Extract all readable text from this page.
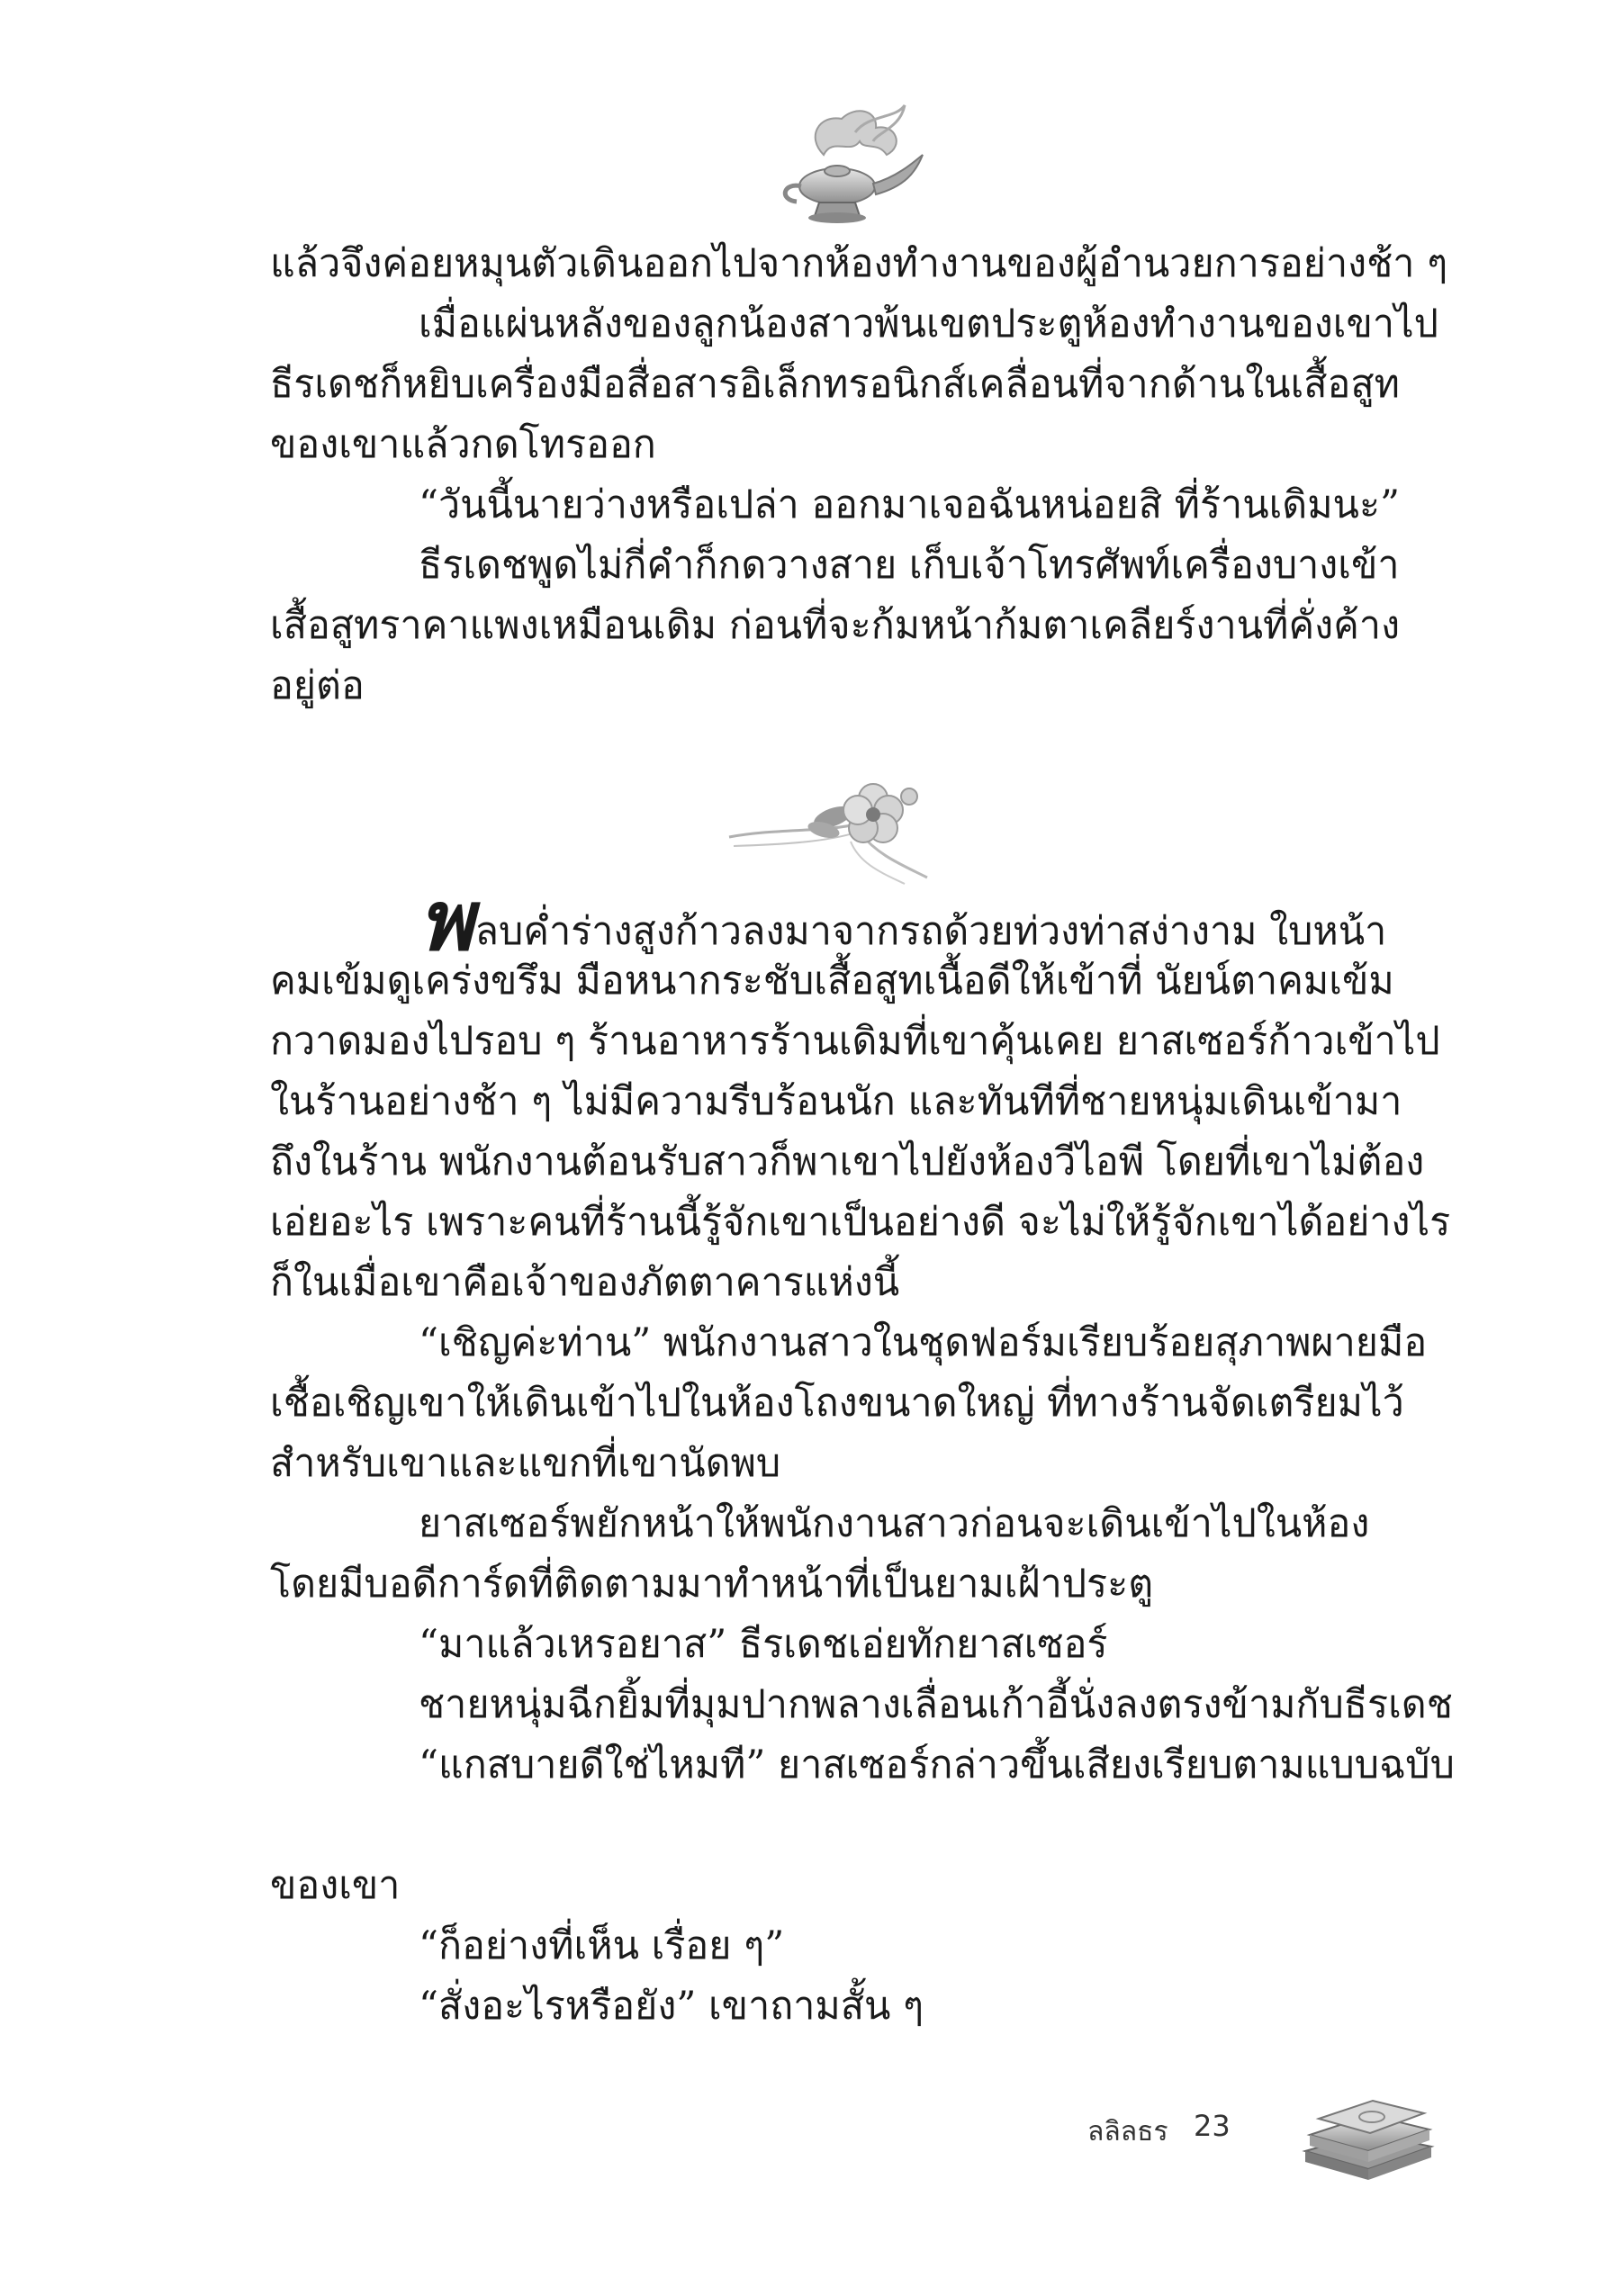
แล้วจึงค่อยหมุนตัวเดินออกไปจากห้องทำงานของผู้อำนวยการอย่างช้า ๆ
เมื่อแผ่นหลังของลูกน้องสาวพ้นเขตประตูห้องทำงานของเขาไป
ธีรเดชก็หยิบเครื่องมือสื่อสารอิเล็กทรอนิกส์เคลื่อนที่จากด้านในเสื้อสูท
ของเขาแล้วกดโทรออก
“วันนี้นายว่างหรือเปล่า ออกมาเจอฉันหน่อยสิ ที่ร้านเดิมนะ”
ธีรเดชพูดไม่กี่คำก็กดวางสาย เก็บเจ้าโทรศัพท์เครื่องบางเข้า
เสื้อสูทราคาแพงเหมือนเดิม ก่อนที่จะก้มหน้าก้มตาเคลียร์งานที่คั่งค้าง
อยู่ต่อ
พลบค่ำร่างสูงก้าวลงมาจากรถด้วยท่วงท่าสง่างาม ใบหน้า
คมเข้มดูเคร่งขรึม มือหนากระชับเสื้อสูทเนื้อดีให้เข้าที่ นัยน์ตาคมเข้ม
กวาดมองไปรอบ ๆ ร้านอาหารร้านเดิมที่เขาคุ้นเคย ยาสเซอร์ก้าวเข้าไป
ในร้านอย่างช้า ๆ ไม่มีความรีบร้อนนัก และทันทีที่ชายหนุ่มเดินเข้ามา
ถึงในร้าน พนักงานต้อนรับสาวก็พาเขาไปยังห้องวีไอพี โดยที่เขาไม่ต้อง
เอ่ยอะไร เพราะคนที่ร้านนี้รู้จักเขาเป็นอย่างดี จะไม่ให้รู้จักเขาได้อย่างไร
ก็ในเมื่อเขาคือเจ้าของภัตตาคารแห่งนี้
“เชิญค่ะท่าน” พนักงานสาวในชุดฟอร์มเรียบร้อยสุภาพผายมือ
เชื้อเชิญเขาให้เดินเข้าไปในห้องโถงขนาดใหญ่ ที่ทางร้านจัดเตรียมไว้
สำหรับเขาและแขกที่เขานัดพบ
ยาสเซอร์พยักหน้าให้พนักงานสาวก่อนจะเดินเข้าไปในห้อง
โดยมีบอดีการ์ดที่ติดตามมาทำหน้าที่เป็นยามเฝ้าประตู
“มาแล้วเหรอยาส” ธีรเดชเอ่ยทักยาสเซอร์
ชายหนุ่มฉีกยิ้มที่มุมปากพลางเลื่อนเก้าอี้นั่งลงตรงข้ามกับธีรเดช
“แกสบายดีใช่ไหมที” ยาสเซอร์กล่าวขึ้นเสียงเรียบตามแบบฉบับ
ของเขา
“ก็อย่างที่เห็น เรื่อย ๆ”
“สั่งอะไรหรือยัง” เขาถามสั้น ๆ
ลลิลธร 23
